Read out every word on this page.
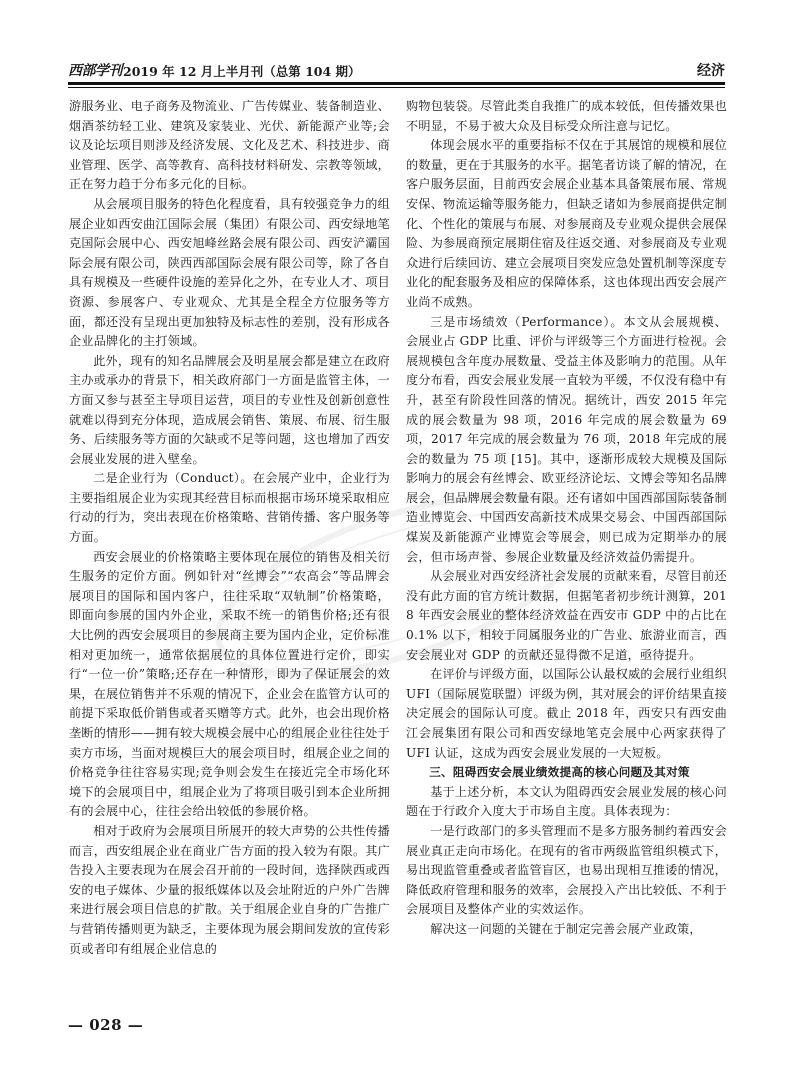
西部学刊 2019 年 12 月上半月刊（总第 104 期）	经济

游服务业、电子商务及物流业、广告传媒业、装备制造业、烟酒茶纺轻工业、建筑及家装业、光伏、新能源产业等;会议及论坛项目则涉及经济发展、文化及艺术、科技进步、商业管理、医学、高等教育、高科技材料研发、宗教等领域，正在努力趋于分布多元化的目标。

从会展项目服务的特色化程度看，具有较强竞争力的组展企业如西安曲江国际会展（集团）有限公司、西安绿地笔克国际会展中心、西安旭峰丝路会展有限公司、西安浐灞国际会展有限公司，陕西西部国际会展有限公司等，除了各自具有规模及一些硬件设施的差异化之外，在专业人才、项目资源、参展客户、专业观众、尤其是全程全方位服务等方面，都还没有呈现出更加独特及标志性的差别，没有形成各企业品牌化的主打领域。

此外，现有的知名品牌展会及明星展会都是建立在政府主办或承办的背景下，相关政府部门一方面是监管主体，一方面又参与甚至主导项目运营，项目的专业性及创新创意性就难以得到充分体现，造成展会销售、策展、布展、衍生服务、后续服务等方面的欠缺或不足等问题，这也增加了西安会展业发展的进入壁垒。

二是企业行为（Conduct）。在会展产业中，企业行为主要指组展企业为实现其经营目标而根据市场环境采取相应行动的行为，突出表现在价格策略、营销传播、客户服务等方面。

西安会展业的价格策略主要体现在展位的销售及相关衍生服务的定价方面。例如针对“丝博会”“农高会”等品牌会展项目的国际和国内客户，往往采取“双轨制”价格策略，即面向参展的国内外企业，采取不统一的销售价格;还有很大比例的西安会展项目的参展商主要为国内企业，定价标准相对更加统一，通常依据展位的具体位置进行定价，即实行“一位一价”策略;还存在一种情形，即为了保证展会的效果，在展位销售并不乐观的情况下，企业会在监管方认可的前提下采取低价销售或者买赠等方式。此外，也会出现价格垄断的情形——拥有较大规模会展中心的组展企业往往处于卖方市场，当面对规模巨大的展会项目时，组展企业之间的价格竞争往往容易实现;竞争则会发生在接近完全市场化环境下的会展项目中，组展企业为了将项目吸引到本企业所拥有的会展中心，往往会给出较低的参展价格。

相对于政府为会展项目所展开的较大声势的公共性传播而言，西安组展企业在商业广告方面的投入较为有限。其广告投入主要表现为在展会召开前的一段时间，选择陕西或西安的电子媒体、少量的报纸媒体以及会址附近的户外广告牌来进行展会项目信息的扩散。关于组展企业自身的广告推广与营销传播则更为缺乏，主要体现为展会期间发放的宣传彩页或者印有组展企业信息的

购物包装袋。尽管此类自我推广的成本较低，但传播效果也不明显，不易于被大众及目标受众所注意与记忆。

体现会展水平的重要指标不仅在于其展馆的规模和展位的数量，更在于其服务的水平。据笔者访谈了解的情况，在客户服务层面，目前西安会展企业基本具备策展布展、常规安保、物流运输等服务能力，但缺乏诸如为参展商提供定制化、个性化的策展与布展、对参展商及专业观众提供会展保险、为参展商预定展期住宿及往返交通、对参展商及专业观众进行后续回访、建立会展项目突发应急处置机制等深度专业化的配套服务及相应的保障体系，这也体现出西安会展产业尚不成熟。

三是市场绩效（Performance）。本文从会展规模、会展业占 GDP 比重、评价与评级等三个方面进行检视。会展规模包含年度办展数量、受益主体及影响力的范围。从年度分布看，西安会展业发展一直较为平缓，不仅没有稳中有升，甚至有阶段性回落的情况。据统计，西安 2015 年完成的展会数量为 98 项，2016 年完成的展会数量为 69 项，2017 年完成的展会数量为 76 项，2018 年完成的展会的数量为 75 项 [15]。其中，逐渐形成较大规模及国际影响力的展会有丝博会、欧亚经济论坛、文博会等知名品牌展会，但品牌展会数量有限。还有诸如中国西部国际装备制造业博览会、中国西安高新技术成果交易会、中国西部国际煤炭及新能源产业博览会等展会，则已成为定期举办的展会，但市场声誉、参展企业数量及经济效益仍需提升。

从会展业对西安经济社会发展的贡献来看，尽管目前还没有此方面的官方统计数据，但据笔者初步统计测算，2018 年西安会展业的整体经济效益在西安市 GDP 中的占比在 0.1% 以下，相较于同属服务业的广告业、旅游业而言，西安会展业对 GDP 的贡献还显得微不足道，亟待提升。

在评价与评级方面，以国际公认最权威的会展行业组织 UFI（国际展览联盟）评级为例，其对展会的评价结果直接决定展会的国际认可度。截止 2018 年，西安只有西安曲江会展集团有限公司和西安绿地笔克会展中心两家获得了 UFI 认证，这成为西安会展业发展的一大短板。

三、阻碍西安会展业绩效提高的核心问题及其对策

基于上述分析，本文认为阻碍西安会展业发展的核心问题在于行政介入度大于市场自主度。具体表现为：

一是行政部门的多头管理而不是多方服务制约着西安会展业真正走向市场化。在现有的省市两级监管组织模式下，易出现监管重叠或者监管盲区，也易出现相互推诿的情况，降低政府管理和服务的效率，会展投入产出比较低、不利于会展项目及整体产业的实效运作。

解决这一问题的关键在于制定完善会展产业政策，

— 028 —
